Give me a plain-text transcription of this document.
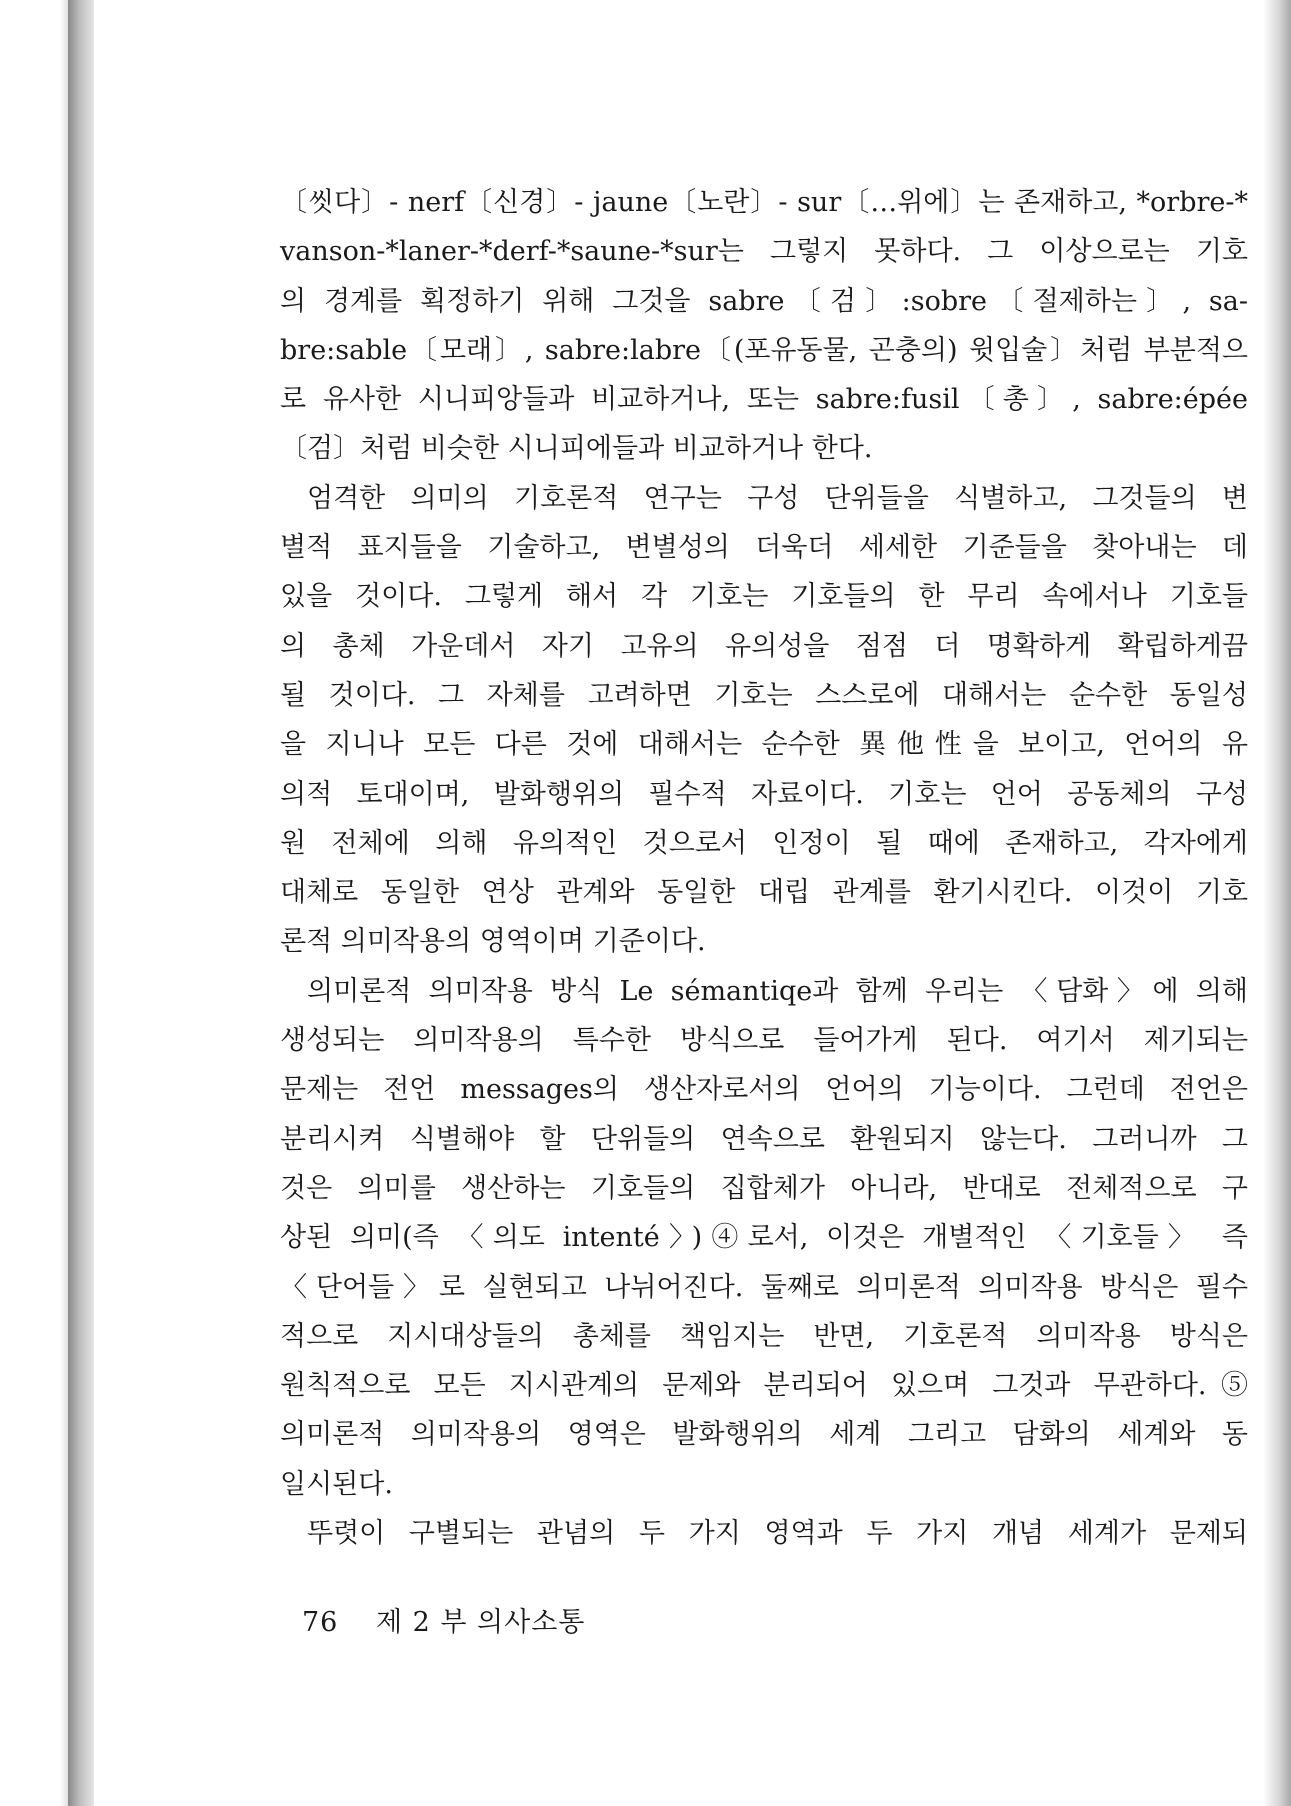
〔씻다〕- nerf〔신경〕- jaune〔노란〕- sur〔…위에〕는 존재하고, *orbre-*
vanson-*laner-*derf-*saune-*sur는 그렇지 못하다. 그 이상으로는 기호
의 경계를 획정하기 위해 그것을 sabre〔검〕:sobre〔절제하는〕, sa-
bre:sable〔모래〕, sabre:labre〔(포유동물, 곤충의) 윗입술〕처럼 부분적으
로 유사한 시니피앙들과 비교하거나, 또는 sabre:fusil〔총〕, sabre:épée
〔검〕처럼 비슷한 시니피에들과 비교하거나 한다.

엄격한 의미의 기호론적 연구는 구성 단위들을 식별하고, 그것들의 변
별적 표지들을 기술하고, 변별성의 더욱더 세세한 기준들을 찾아내는 데
있을 것이다. 그렇게 해서 각 기호는 기호들의 한 무리 속에서나 기호들
의 총체 가운데서 자기 고유의 유의성을 점점 더 명확하게 확립하게끔
될 것이다. 그 자체를 고려하면 기호는 스스로에 대해서는 순수한 동일성
을 지니나 모든 다른 것에 대해서는 순수한 異他性을 보이고, 언어의 유
의적 토대이며, 발화행위의 필수적 자료이다. 기호는 언어 공동체의 구성
원 전체에 의해 유의적인 것으로서 인정이 될 때에 존재하고, 각자에게
대체로 동일한 연상 관계와 동일한 대립 관계를 환기시킨다. 이것이 기호
론적 의미작용의 영역이며 기준이다.

의미론적 의미작용 방식 Le sémantiqe과 함께 우리는 〈담화〉에 의해
생성되는 의미작용의 특수한 방식으로 들어가게 된다. 여기서 제기되는
문제는 전언 messages의 생산자로서의 언어의 기능이다. 그런데 전언은
분리시켜 식별해야 할 단위들의 연속으로 환원되지 않는다. 그러니까 그
것은 의미를 생산하는 기호들의 집합체가 아니라, 반대로 전체적으로 구
상된 의미(즉 〈의도 intenté〉)④로서, 이것은 개별적인 〈기호들〉 즉
〈단어들〉로 실현되고 나뉘어진다. 둘째로 의미론적 의미작용 방식은 필수
적으로 지시대상들의 총체를 책임지는 반면, 기호론적 의미작용 방식은
원칙적으로 모든 지시관계의 문제와 분리되어 있으며 그것과 무관하다.⑤
의미론적 의미작용의 영역은 발화행위의 세계 그리고 담화의 세계와 동
일시된다.

뚜렷이 구별되는 관념의 두 가지 영역과 두 가지 개념 세계가 문제되

76 제 2 부 의사소통
